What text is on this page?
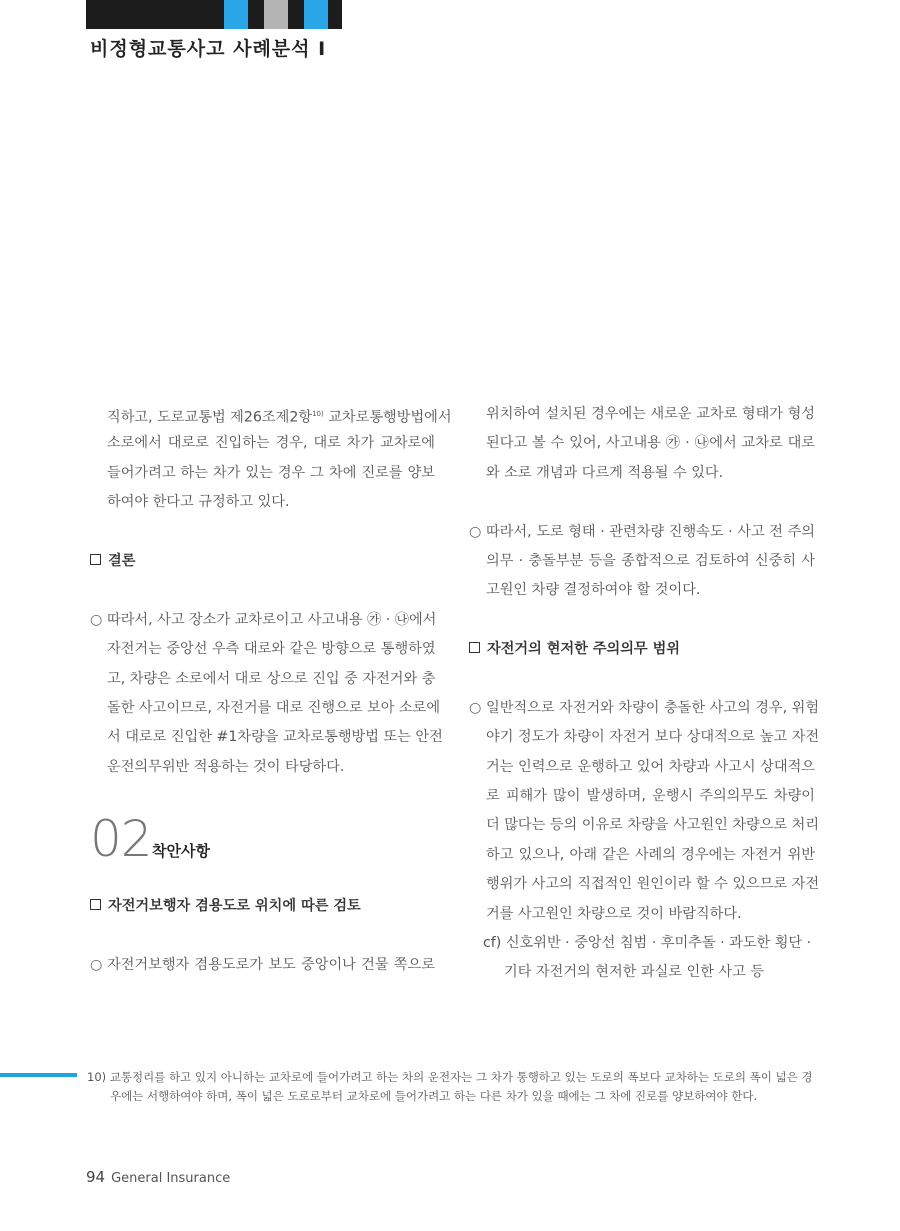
비정형교통사고 사례분석 I
직하고, 도로교통법 제26조제2항$^{10)}$ 교차로통행방법에서
소로에서 대로로 진입하는 경우, 대로 차가 교차로에
들어가려고 하는 차가 있는 경우 그 차에 진로를 양보
하여야 한다고 규정하고 있다.
결론
○ 따라서, 사고 장소가 교차로이고 사고내용 ㉮ · ㉯에서
자전거는 중앙선 우측 대로와 같은 방향으로 통행하였
고, 차량은 소로에서 대로 상으로 진입 중 자전거와 충
돌한 사고이므로, 자전거를 대로 진행으로 보아 소로에
서 대로로 진입한 #1차량을 교차로통행방법 또는 안전
운전의무위반 적용하는 것이 타당하다.
02 착안사항
자전거보행자 겸용도로 위치에 따른 검토
○ 자전거보행자 겸용도로가 보도 중앙이나 건물 쪽으로
위치하여 설치된 경우에는 새로운 교차로 형태가 형성
된다고 볼 수 있어, 사고내용 ㉮ · ㉯에서 교차로 대로
와 소로 개념과 다르게 적용될 수 있다.
○ 따라서, 도로 형태 · 관련차량 진행속도 · 사고 전 주의
의무 · 충돌부분 등을 종합적으로 검토하여 신중히 사
고원인 차량 결정하여야 할 것이다.
자전거의 현저한 주의의무 범위
○ 일반적으로 자전거와 차량이 충돌한 사고의 경우, 위험
야기 정도가 차량이 자전거 보다 상대적으로 높고 자전
거는 인력으로 운행하고 있어 차량과 사고시 상대적으
로 피해가 많이 발생하며, 운행시 주의의무도 차량이
더 많다는 등의 이유로 차량을 사고원인 차량으로 처리
하고 있으나, 아래 같은 사례의 경우에는 자전거 위반
행위가 사고의 직접적인 원인이라 할 수 있으므로 자전
거를 사고원인 차량으로 것이 바람직하다.
cf) 신호위반 · 중앙선 침범 · 후미추돌 · 과도한 횡단 ·
기타 자전거의 현저한 과실로 인한 사고 등
10) 교통정리를 하고 있지 아니하는 교차로에 들어가려고 하는 차의 운전자는 그 차가 통행하고 있는 도로의 폭보다 교차하는 도로의 폭이 넓은 경
우에는 서행하여야 하며, 폭이 넓은 도로로부터 교차로에 들어가려고 하는 다른 차가 있을 때에는 그 차에 진로를 양보하여야 한다.
94 General Insurance
